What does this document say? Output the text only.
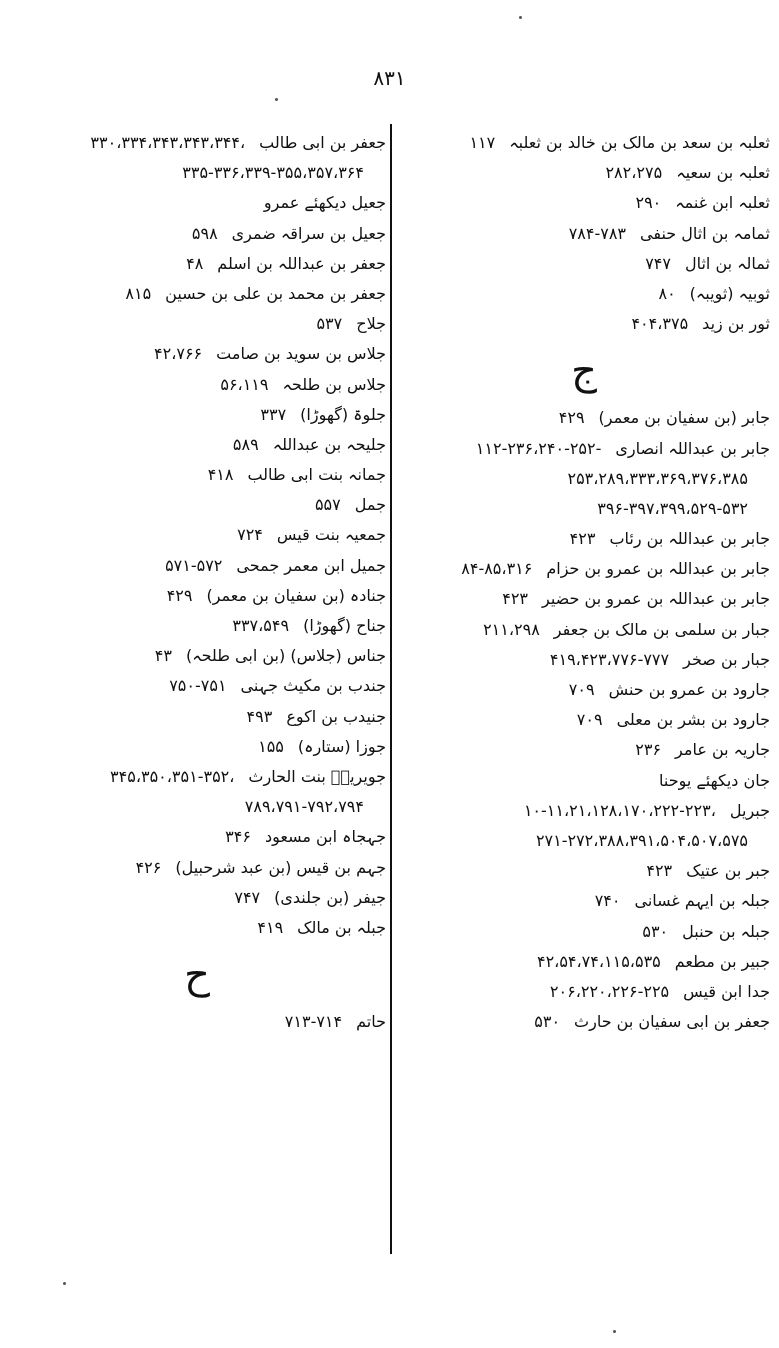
۸۳۱
ثعلبہ بن سعد بن مالک بن خالد بن ثعلبہ۱۱۷
ثعلبہ بن سعیہ۲۸۲،۲۷۵
ثعلبہ ابن غنمہ۲۹۰
ثمامہ بن اثال حنفی۷۸۴-۷۸۳
ثمالہ بن اثال۷۴۷
ثوبیہ (ثویبہ)۸۰
ثور بن زید۴۰۴،۳۷۵
ج
جابر (بن سفیان بن معمر)۴۲۹
جابر بن عبداللہ انصاری۱۱۲-۲۳۶،۲۴۰-۲۵۲-
۲۵۳،۲۸۹،۳۳۳،۳۶۹،۳۷۶،۳۸۵
۳۹۶-۳۹۷،۳۹۹،۵۲۹-۵۳۲
جابر بن عبداللہ بن رئاب۴۲۳
جابر بن عبداللہ بن عمرو بن حزام۸۴-۸۵،۳۱۶
جابر بن عبداللہ بن عمرو بن حضیر۴۲۳
جبار بن سلمی بن مالک بن جعفر۲۱۱،۲۹۸
جبار بن صخر۴۱۹،۴۲۳،۷۷۶-۷۷۷
جارود بن عمرو بن حنش۷۰۹
جارود بن بشر بن معلی۷۰۹
جاریہ بن عامر۲۳۶
جان دیکھئے یوحنا
جبریل۱۰-۱۱،۲۱،۱۲۸،۱۷۰،۲۲۲-۲۲۳،
۲۷۱-۲۷۲،۳۸۸،۳۹۱،۵۰۴،۵۰۷،۵۷۵
جبر بن عتیک۴۲۳
جبلہ بن ایہم غسانی۷۴۰
جبلہ بن حنبل۵۳۰
جبیر بن مطعم۴۲،۵۴،۷۴،۱۱۵،۵۳۵
جدا ابن قیس۲۰۶،۲۲۰،۲۲۶-۲۲۵
جعفر بن ابی سفیان بن حارث۵۳۰
جعفر بن ابی طالب۳۳۰،۳۳۴،۳۴۳،۳۴۳،۳۴۴،
۳۳۵-۳۳۶،۳۳۹-۳۵۵،۳۵۷،۳۶۴
جعیل دیکھئے عمرو
جعیل بن سراقہ ضمری۵۹۸
جعفر بن عبداللہ بن اسلم۴۸
جعفر بن محمد بن علی بن حسین۸۱۵
جلاح۵۳۷
جلاس بن سوید بن صامت۴۲،۷۶۶
جلاس بن طلحہ۵۶،۱۱۹
جلوۃ (گھوڑا)۳۳۷
جلیحہ بن عبداللہ۵۸۹
جمانہ بنت ابی طالب۴۱۸
جمل۵۵۷
جمعیہ بنت قیس۷۲۴
جمیل ابن معمر جمحی۵۷۱-۵۷۲
جنادہ (بن سفیان بن معمر)۴۲۹
جناح (گھوڑا)۳۳۷،۵۴۹
جناس (جلاس) (بن ابی طلحہ)۴۳
جندب بن مکیث جہنی۷۵۰-۷۵۱
جنیدب بن اکوع۴۹۳
جوزا (ستارہ)۱۵۵
جویریہؓ بنت الحارث۳۴۵،۳۵۰،۳۵۱-۳۵۲،
۷۸۹،۷۹۱-۷۹۲،۷۹۴
جہجاہ ابن مسعود۳۴۶
جہم بن قیس (بن عبد شرحبیل)۴۲۶
جیفر (بن جلندی)۷۴۷
جبلہ بن مالک۴۱۹
ح
حاتم۷۱۳-۷۱۴
